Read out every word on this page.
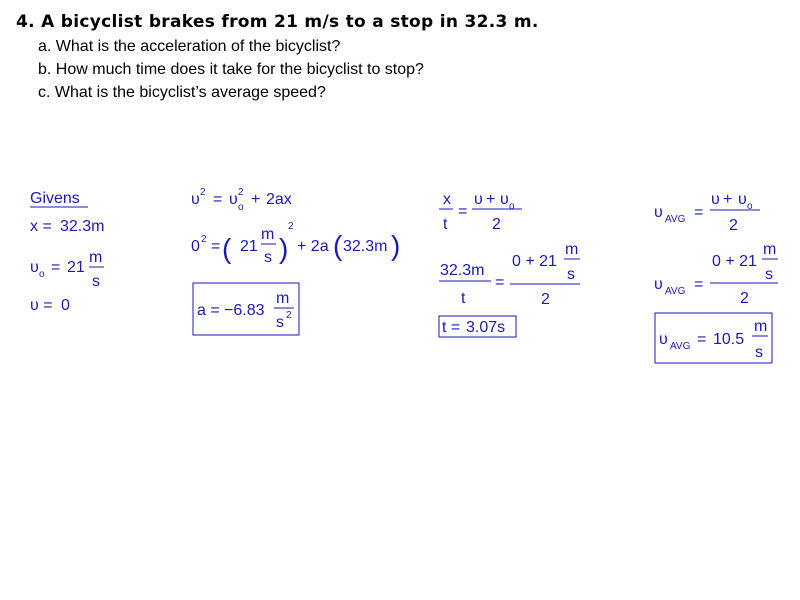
4. A bicyclist brakes from 21 m/s to a stop in 32.3 m.
a. What is the acceleration of the bicyclist?
b. How much time does it take for the bicyclist to stop?
c. What is the bicyclist’s average speed?
Givens
x = 32.3m
υ o = 21
m
s
υ = 0
υ 2 = υ 2
o + 2ax
0 2 = ( 21
m
s )
2
+ 2a ( 32.3m )
a = −6.83
m
s 2
x
t
=
υ + υ o
2
32.3m
t
=
0 + 21
m
s
2
t = 3.07s
υ AVG =
υ + υ o
2
υ AVG =
0 + 21
m
s
2
υ AVG = 10.5
m
s
